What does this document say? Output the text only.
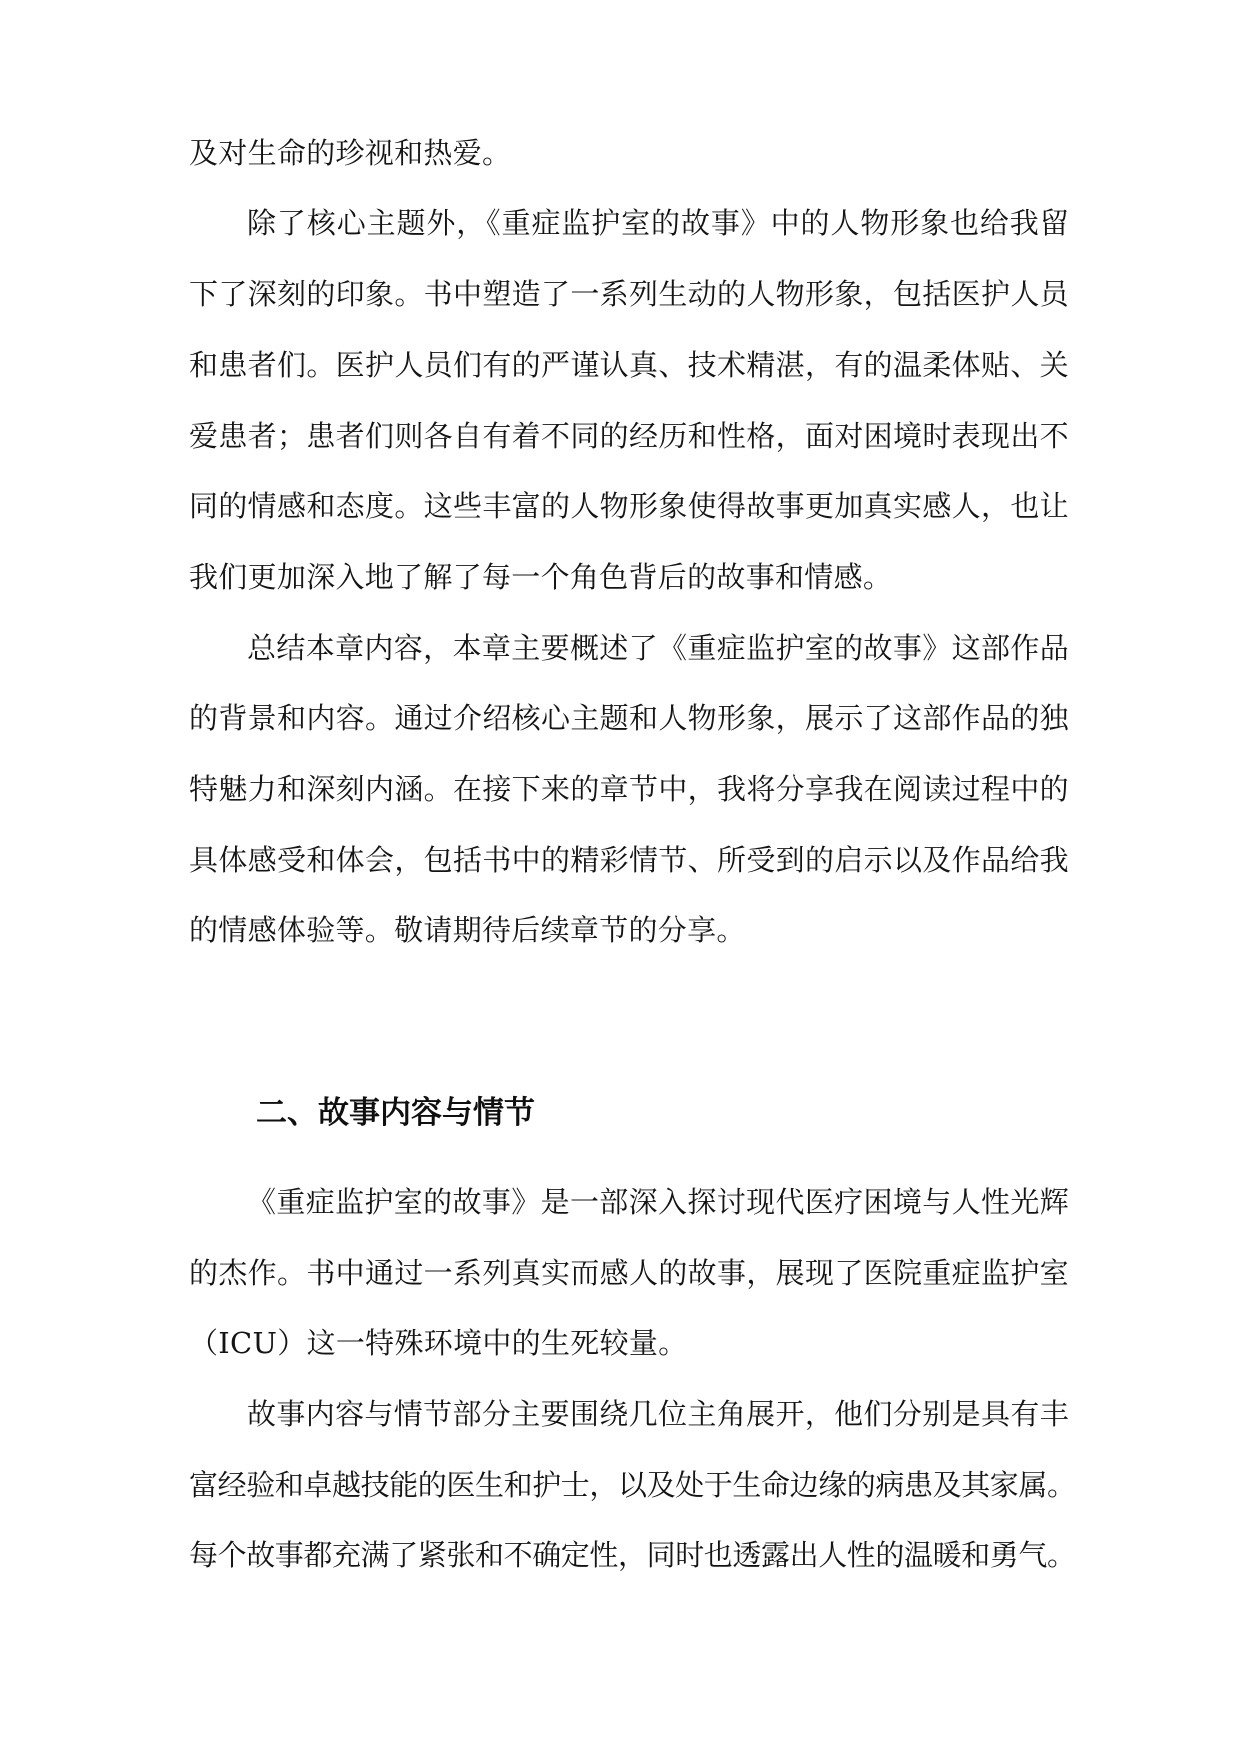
及对生命的珍视和热爱。
除了核心主题外，《重症监护室的故事》中的人物形象也给我留
下了深刻的印象。书中塑造了一系列生动的人物形象，包括医护人员
和患者们。医护人员们有的严谨认真、技术精湛，有的温柔体贴、关
爱患者；患者们则各自有着不同的经历和性格，面对困境时表现出不
同的情感和态度。这些丰富的人物形象使得故事更加真实感人，也让
我们更加深入地了解了每一个角色背后的故事和情感。
总结本章内容，本章主要概述了《重症监护室的故事》这部作品
的背景和内容。通过介绍核心主题和人物形象，展示了这部作品的独
特魅力和深刻内涵。在接下来的章节中，我将分享我在阅读过程中的
具体感受和体会，包括书中的精彩情节、所受到的启示以及作品给我
的情感体验等。敬请期待后续章节的分享。
二、故事内容与情节
《重症监护室的故事》是一部深入探讨现代医疗困境与人性光辉
的杰作。书中通过一系列真实而感人的故事，展现了医院重症监护室
（ICU）这一特殊环境中的生死较量。
故事内容与情节部分主要围绕几位主角展开，他们分别是具有丰
富经验和卓越技能的医生和护士，以及处于生命边缘的病患及其家属。
每个故事都充满了紧张和不确定性，同时也透露出人性的温暖和勇气。
